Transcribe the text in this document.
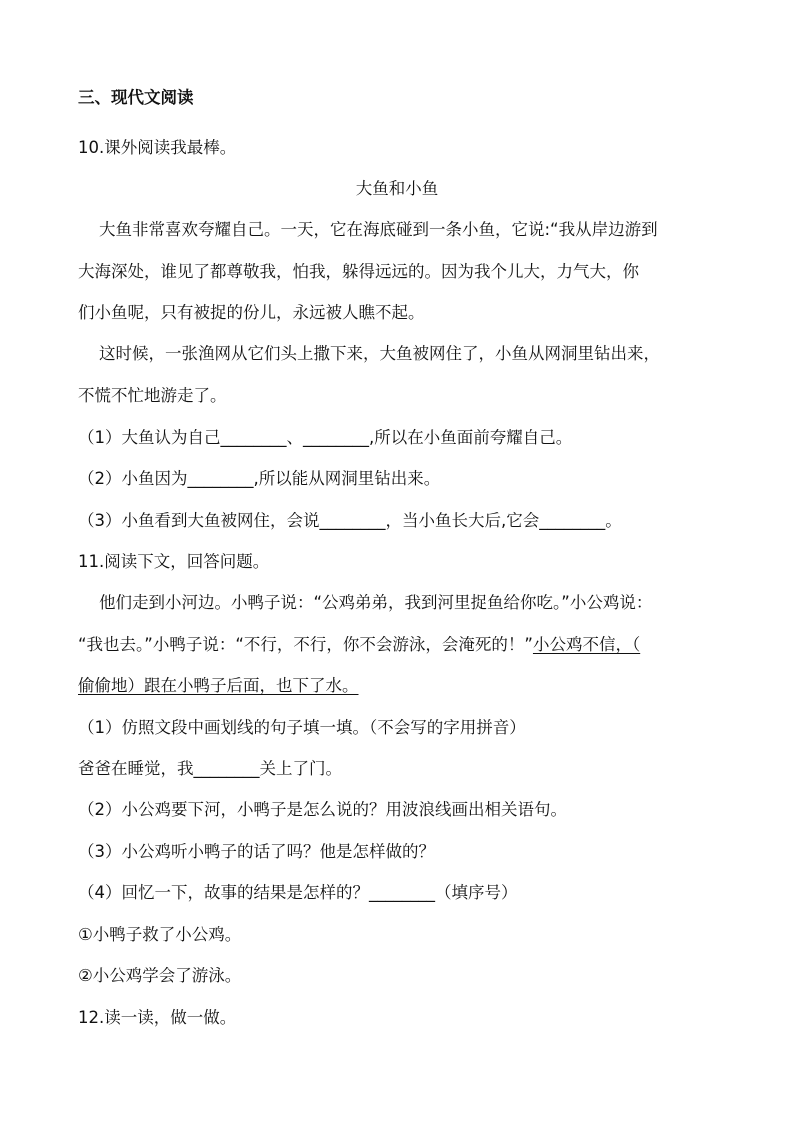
三、现代文阅读
10.课外阅读我最棒。
大鱼和小鱼
大鱼非常喜欢夸耀自己。一天，它在海底碰到一条小鱼，它说:“我从岸边游到
大海深处，谁见了都尊敬我，怕我，躲得远远的。因为我个儿大，力气大，你
们小鱼呢，只有被捉的份儿，永远被人瞧不起。
这时候，一张渔网从它们头上撒下来，大鱼被网住了，小鱼从网洞里钻出来，
不慌不忙地游走了。
（1）大鱼认为自己________、________,所以在小鱼面前夸耀自己。
（2）小鱼因为________,所以能从网洞里钻出来。
（3）小鱼看到大鱼被网住，会说________，当小鱼长大后,它会________。
11.阅读下文，回答问题。
他们走到小河边。小鸭子说：“公鸡弟弟，我到河里捉鱼给你吃。”小公鸡说：
“我也去。”小鸭子说：“不行，不行，你不会游泳，会淹死的！”小公鸡不信，（
偷偷地）跟在小鸭子后面，也下了水。
（1）仿照文段中画划线的句子填一填。（不会写的字用拼音）
爸爸在睡觉，我________关上了门。
（2）小公鸡要下河，小鸭子是怎么说的？用波浪线画出相关语句。
（3）小公鸡听小鸭子的话了吗？他是怎样做的？
（4）回忆一下，故事的结果是怎样的？________（填序号）
①小鸭子救了小公鸡。
②小公鸡学会了游泳。
12.读一读，做一做。
